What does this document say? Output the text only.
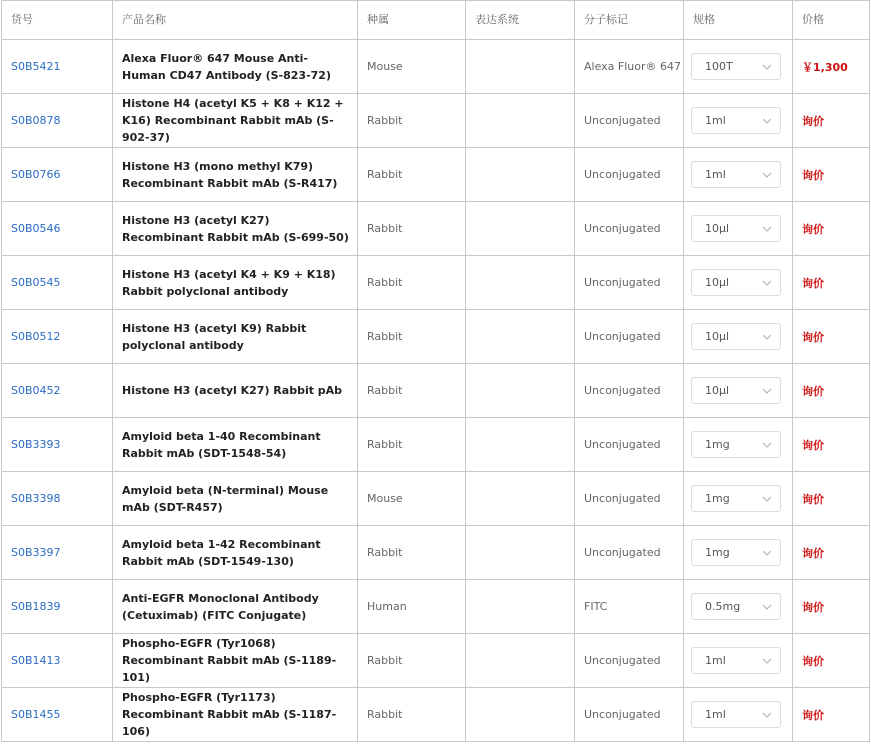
货号	产品名称	种属	表达系统	分子标记	规格	价格
S0B5421	Alexa Fluor® 647 Mouse Anti-Human CD47 Antibody (S-823-72)	Mouse		Alexa Fluor® 647	100T	￥1,300
S0B0878	Histone H4 (acetyl K5 + K8 + K12 + K16) Recombinant Rabbit mAb (S-902-37)	Rabbit		Unconjugated	1ml	询价
S0B0766	Histone H3 (mono methyl K79) Recombinant Rabbit mAb (S-R417)	Rabbit		Unconjugated	1ml	询价
S0B0546	Histone H3 (acetyl K27) Recombinant Rabbit mAb (S-699-50)	Rabbit		Unconjugated	10μl	询价
S0B0545	Histone H3 (acetyl K4 + K9 + K18) Rabbit polyclonal antibody	Rabbit		Unconjugated	10μl	询价
S0B0512	Histone H3 (acetyl K9) Rabbit polyclonal antibody	Rabbit		Unconjugated	10μl	询价
S0B0452	Histone H3 (acetyl K27) Rabbit pAb	Rabbit		Unconjugated	10μl	询价
S0B3393	Amyloid beta 1-40 Recombinant Rabbit mAb (SDT-1548-54)	Rabbit		Unconjugated	1mg	询价
S0B3398	Amyloid beta (N-terminal) Mouse mAb (SDT-R457)	Mouse		Unconjugated	1mg	询价
S0B3397	Amyloid beta 1-42 Recombinant Rabbit mAb (SDT-1549-130)	Rabbit		Unconjugated	1mg	询价
S0B1839	Anti-EGFR Monoclonal Antibody (Cetuximab) (FITC Conjugate)	Human		FITC	0.5mg	询价
S0B1413	Phospho-EGFR (Tyr1068) Recombinant Rabbit mAb (S-1189-101)	Rabbit		Unconjugated	1ml	询价
S0B1455	Phospho-EGFR (Tyr1173) Recombinant Rabbit mAb (S-1187-106)	Rabbit		Unconjugated	1ml	询价
